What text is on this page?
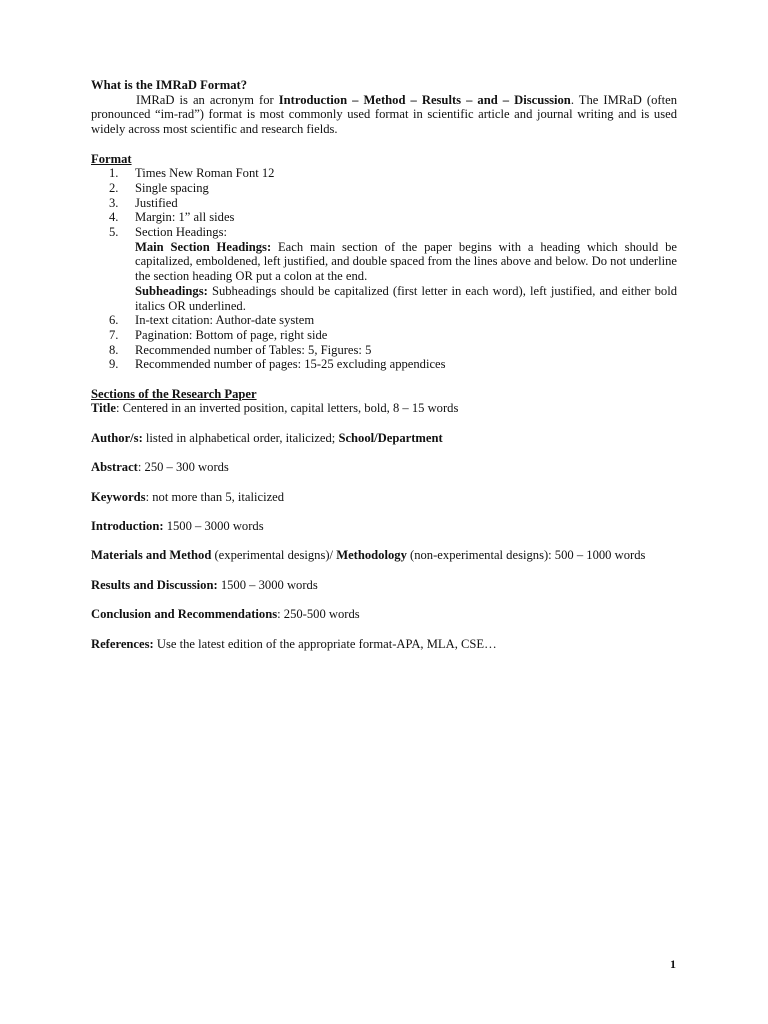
What is the IMRaD Format?

IMRaD is an acronym for Introduction – Method – Results – and – Discussion. The IMRaD (often pronounced “im-rad”) format is most commonly used format in scientific article and journal writing and is used widely across most scientific and research fields.

Format

1.	Times New Roman Font 12
2.	Single spacing
3.	Justified
4.	Margin: 1” all sides
5.	Section Headings:

Main Section Headings: Each main section of the paper begins with a heading which should be capitalized, emboldened, left justified, and double spaced from the lines above and below. Do not underline the section heading OR put a colon at the end.

Subheadings: Subheadings should be capitalized (first letter in each word), left justified, and either bold italics OR underlined.

6.	In-text citation: Author-date system
7.	Pagination: Bottom of page, right side
8.	Recommended number of Tables: 5, Figures: 5
9.	Recommended number of pages: 15-25 excluding appendices

Sections of the Research Paper

Title: Centered in an inverted position, capital letters, bold, 8 – 15 words

Author/s: listed in alphabetical order, italicized; School/Department

Abstract: 250 – 300 words

Keywords: not more than 5, italicized

Introduction: 1500 – 3000 words

Materials and Method (experimental designs)/ Methodology (non-experimental designs): 500 – 1000 words

Results and Discussion: 1500 – 3000 words

Conclusion and Recommendations: 250-500 words

References: Use the latest edition of the appropriate format-APA, MLA, CSE…

1
